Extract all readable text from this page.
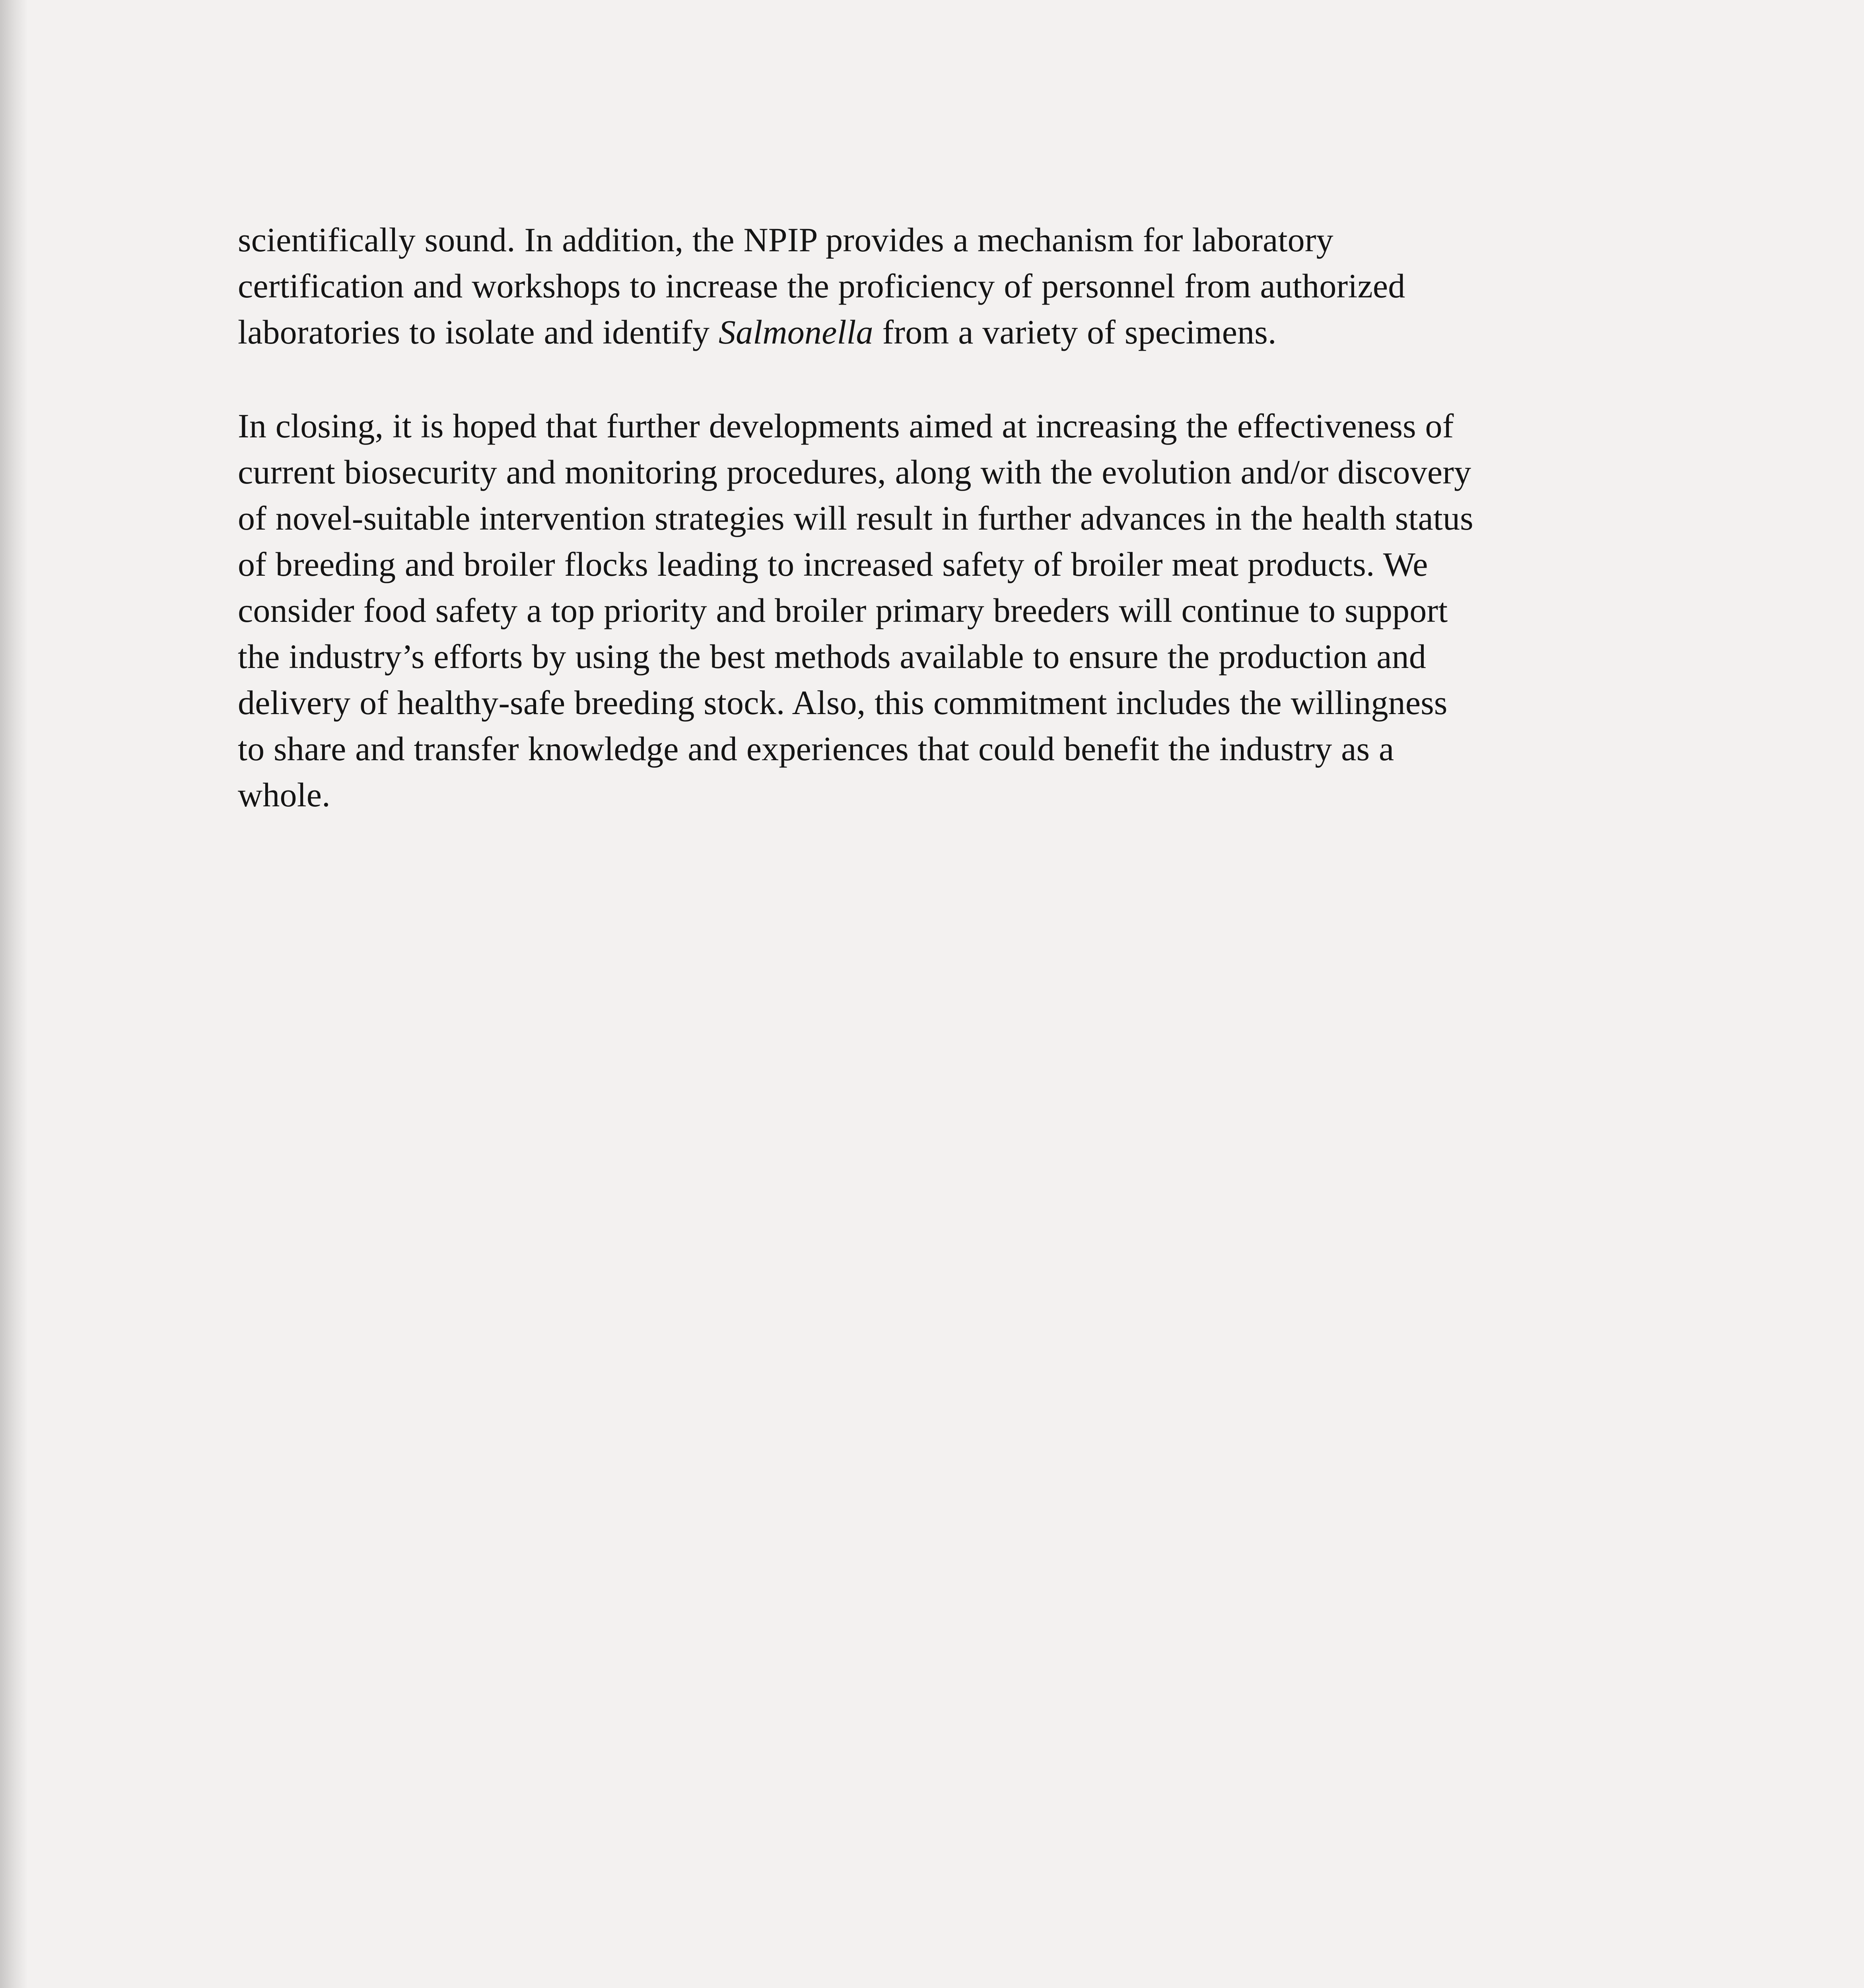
scientifically sound. In addition, the NPIP provides a mechanism for laboratory
certification and workshops to increase the proficiency of personnel from authorized
laboratories to isolate and identify Salmonella from a variety of specimens.

In closing, it is hoped that further developments aimed at increasing the effectiveness of
current biosecurity and monitoring procedures, along with the evolution and/or discovery
of novel-suitable intervention strategies will result in further advances in the health status
of breeding and broiler flocks leading to increased safety of broiler meat products. We
consider food safety a top priority and broiler primary breeders will continue to support
the industry’s efforts by using the best methods available to ensure the production and
delivery of healthy-safe breeding stock. Also, this commitment includes the willingness
to share and transfer knowledge and experiences that could benefit the industry as a
whole.
